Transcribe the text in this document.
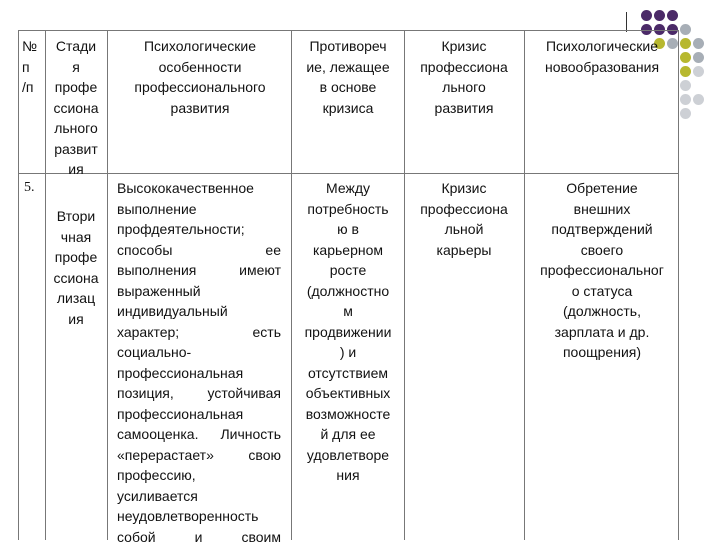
№
п
/п
Стади
я
профе
ссиона
льного
развит
ия
Психологические
особенности
профессионального
развития
Противореч
ие, лежащее
в основе
кризиса
Кризис
профессиона
льного
развития
Психологические
новообразования
5.
Втори
чная
профе
ссиона
лизац
ия
Высококачественное
выполнение
профдеятельности;
способы ее
выполнения имеют
выраженный
индивидуальный
характер; есть
социально-
профессиональная
позиция, устойчивая
профессиональная
самооценка. Личность
«перерастает» свою
профессию,
усиливается
неудовлетворенность
собой и своим
Между
потребность
ю в
карьерном
росте
(должностно
м
продвижении
) и
отсутствием
объективных
возможносте
й для ее
удовлетворе
ния
Кризис
профессиона
льной
карьеры
Обретение
внешних
подтверждений
своего
профессиональног
о статуса
(должность,
зарплата и др.
поощрения)
